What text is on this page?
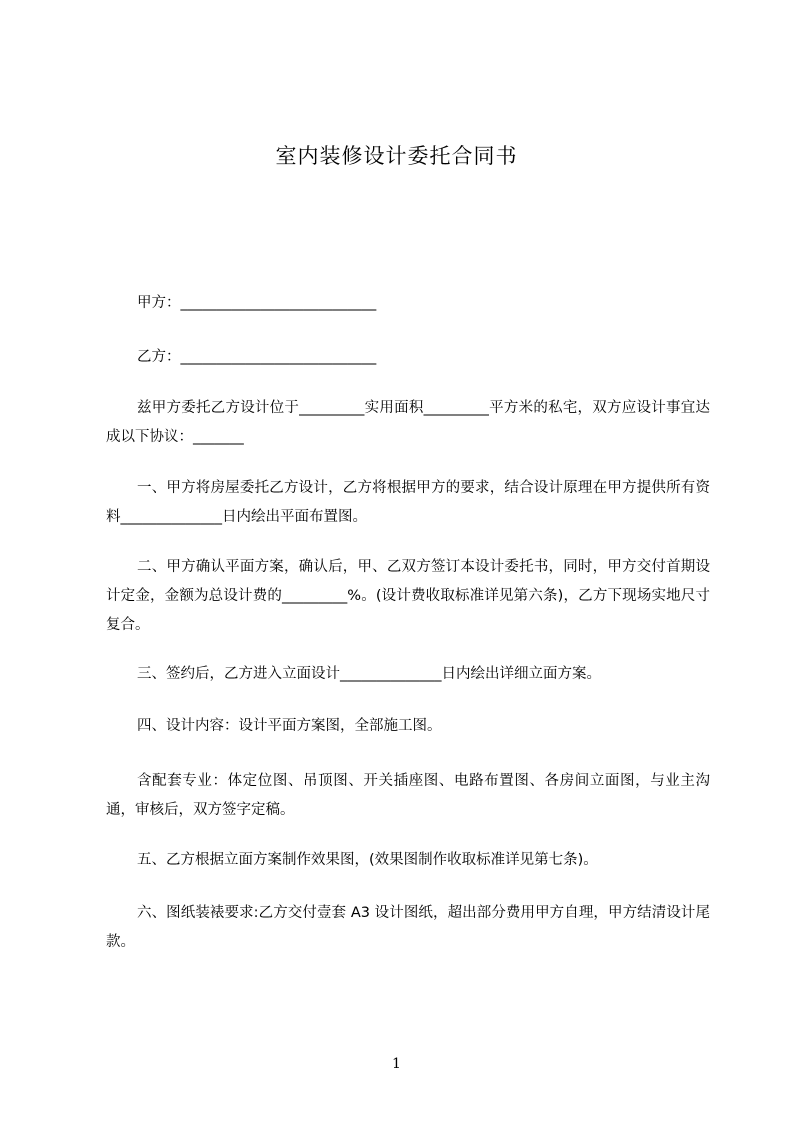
室内装修设计委托合同书
甲方：___________________________
乙方：___________________________
兹甲方委托乙方设计位于_________实用面积_________平方米的私宅，双方应设计事宜达成以下协议：_______
一、甲方将房屋委托乙方设计，乙方将根据甲方的要求，结合设计原理在甲方提供所有资料______________日内绘出平面布置图。
二、甲方确认平面方案，确认后，甲、乙双方签订本设计委托书，同时，甲方交付首期设计定金，金额为总设计费的_________%。(设计费收取标准详见第六条)，乙方下现场实地尺寸复合。
三、签约后，乙方进入立面设计______________日内绘出详细立面方案。
四、设计内容：设计平面方案图，全部施工图。
含配套专业：体定位图、吊顶图、开关插座图、电路布置图、各房间立面图，与业主沟通，审核后，双方签字定稿。
五、乙方根据立面方案制作效果图，(效果图制作收取标准详见第七条)。
六、图纸装裱要求:乙方交付壹套 A3 设计图纸，超出部分费用甲方自理，甲方结清设计尾款。
1
